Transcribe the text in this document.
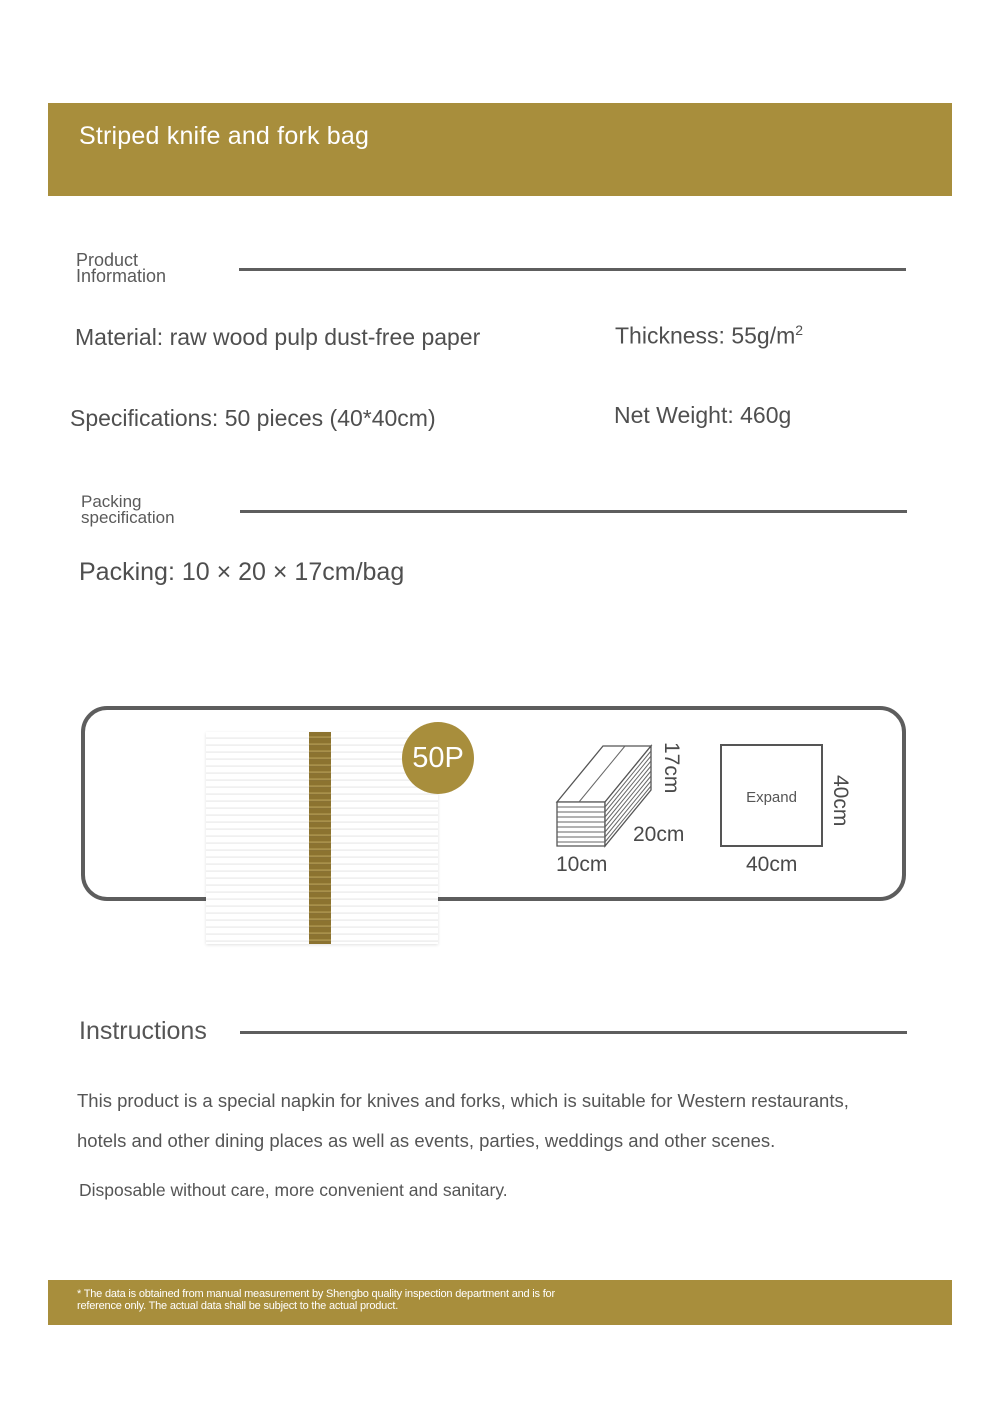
Striped knife and fork bag
Product
Information
Material: raw wood pulp dust-free paper	Thickness: $55g/m^2$
Specifications: 50 pieces (40*40cm)	Net Weight: 460g
Packing
specification
Packing: 10 × 20 × 17cm/bag
50P	17cm
20cm
10cm
Expand	40cm
40cm
Instructions
This product is a special napkin for knives and forks, which is suitable for Western restaurants,
hotels and other dining places as well as events, parties, weddings and other scenes.
Disposable without care, more convenient and sanitary.
* The data is obtained from manual measurement by Shengbo quality inspection department and is for
reference only. The actual data shall be subject to the actual product.
